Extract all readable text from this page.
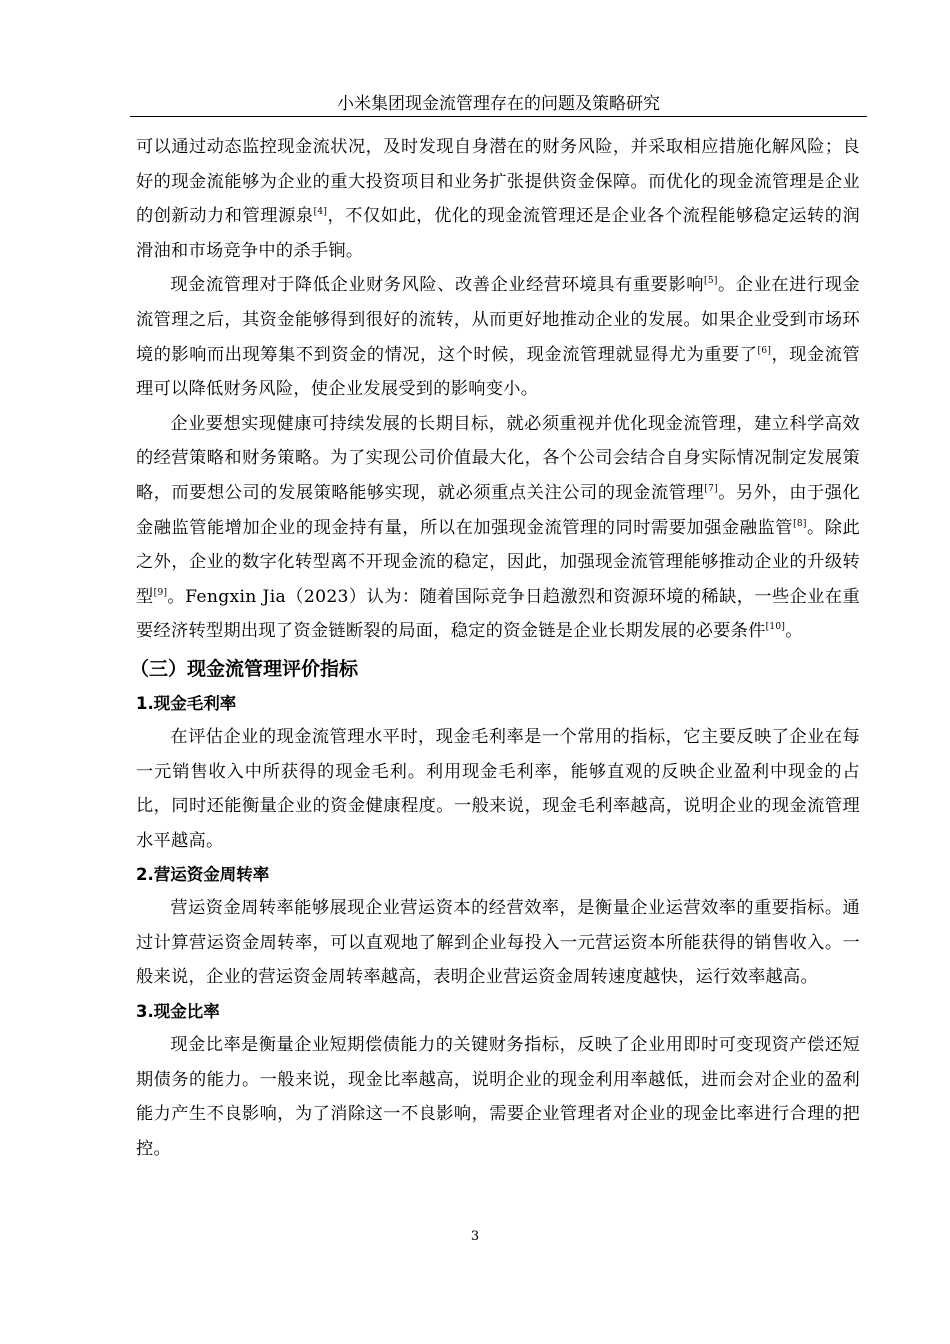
小米集团现金流管理存在的问题及策略研究

可以通过动态监控现金流状况，及时发现自身潜在的财务风险，并采取相应措施化解风险；良好的现金流能够为企业的重大投资项目和业务扩张提供资金保障。而优化的现金流管理是企业的创新动力和管理源泉[4]，不仅如此，优化的现金流管理还是企业各个流程能够稳定运转的润滑油和市场竞争中的杀手锏。

现金流管理对于降低企业财务风险、改善企业经营环境具有重要影响[5]。企业在进行现金流管理之后，其资金能够得到很好的流转，从而更好地推动企业的发展。如果企业受到市场环境的影响而出现筹集不到资金的情况，这个时候，现金流管理就显得尤为重要了[6]，现金流管理可以降低财务风险，使企业发展受到的影响变小。

企业要想实现健康可持续发展的长期目标，就必须重视并优化现金流管理，建立科学高效的经营策略和财务策略。为了实现公司价值最大化，各个公司会结合自身实际情况制定发展策略，而要想公司的发展策略能够实现，就必须重点关注公司的现金流管理[7]。另外，由于强化金融监管能增加企业的现金持有量，所以在加强现金流管理的同时需要加强金融监管[8]。除此之外，企业的数字化转型离不开现金流的稳定，因此，加强现金流管理能够推动企业的升级转型[9]。Fengxin Jia（2023）认为：随着国际竞争日趋激烈和资源环境的稀缺，一些企业在重要经济转型期出现了资金链断裂的局面，稳定的资金链是企业长期发展的必要条件[10]。

（三）现金流管理评价指标
1.现金毛利率

在评估企业的现金流管理水平时，现金毛利率是一个常用的指标，它主要反映了企业在每一元销售收入中所获得的现金毛利。利用现金毛利率，能够直观的反映企业盈利中现金的占比，同时还能衡量企业的资金健康程度。一般来说，现金毛利率越高，说明企业的现金流管理水平越高。

2.营运资金周转率

营运资金周转率能够展现企业营运资本的经营效率，是衡量企业运营效率的重要指标。通过计算营运资金周转率，可以直观地了解到企业每投入一元营运资本所能获得的销售收入。一般来说，企业的营运资金周转率越高，表明企业营运资金周转速度越快，运行效率越高。

3.现金比率

现金比率是衡量企业短期偿债能力的关键财务指标，反映了企业用即时可变现资产偿还短期债务的能力。一般来说，现金比率越高，说明企业的现金利用率越低，进而会对企业的盈利能力产生不良影响，为了消除这一不良影响，需要企业管理者对企业的现金比率进行合理的把控。

3
